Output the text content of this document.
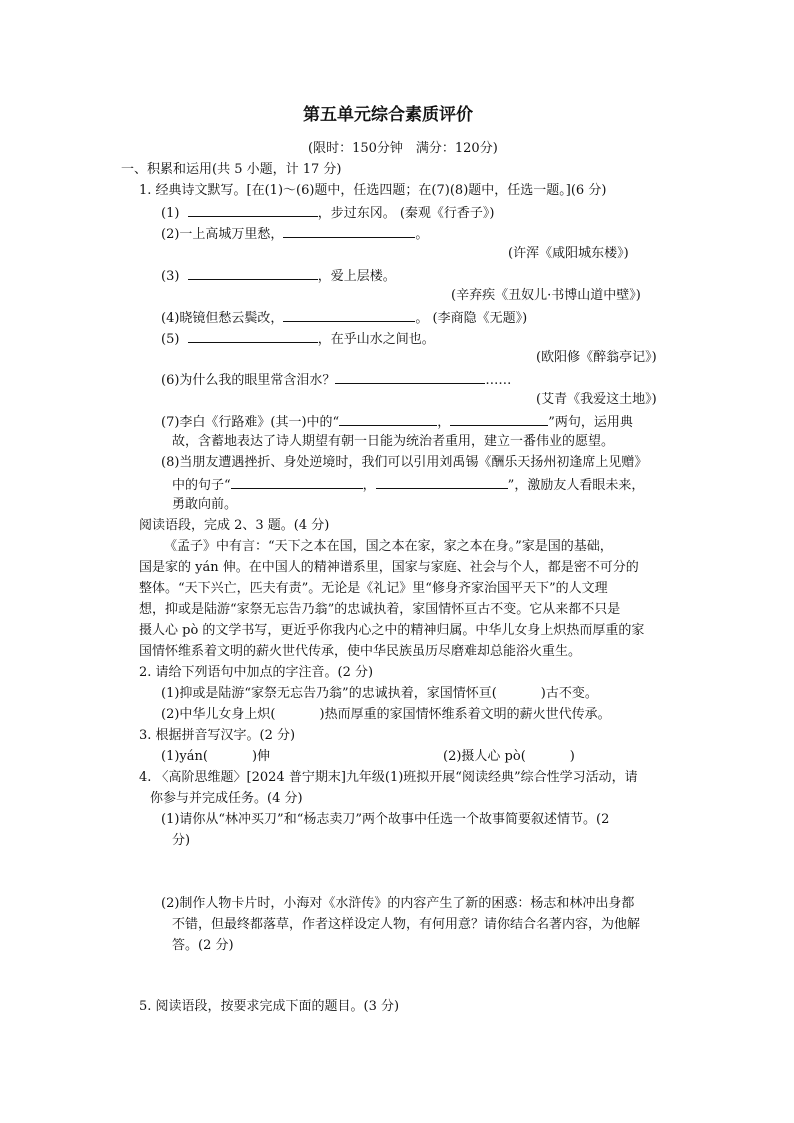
第五单元综合素质评价
(限时：150分钟　满分：120分)
一、积累和运用(共 5 小题，计 17 分)
1. 经典诗文默写。[在(1)～(6)题中，任选四题；在(7)(8)题中，任选一题。](6 分)
(1)	，步过东冈。 (秦观《行香子》)
(2)一上高城万里愁，	。
(许浑《咸阳城东楼》)
(3)	，爱上层楼。
(辛弃疾《丑奴儿·书博山道中壁》)
(4)晓镜但愁云鬓改，	。 (李商隐《无题》)
(5)	，在乎山水之间也。
(欧阳修《醉翁亭记》)
(6)为什么我的眼里常含泪水？	……
(艾青《我爱这土地》)
(7)李白《行路难》(其一)中的“	，	”两句，运用典
故，含蓄地表达了诗人期望有朝一日能为统治者重用，建立一番伟业的愿望。
(8)当朋友遭遇挫折、身处逆境时，我们可以引用刘禹锡《酬乐天扬州初逢席上见赠》
中的句子“	，	”，激励友人看眼未来，
勇敢向前。
阅读语段，完成 2、3 题。(4 分)
《孟子》中有言：“天下之本在国，国之本在家，家之本在身。”家是国的基础，
国是家的 yán 伸。在中国人的精神谱系里，国家与家庭、社会与个人，都是密不可分的
整体。“天下兴亡，匹夫有责”。无论是《礼记》里“修身齐家治国平天下”的人文理
想，抑或是陆游“家祭无忘告乃翁”的忠诚执着，家国情怀亘古不变。它从来都不只是
摄人心 pò 的文学书写，更近乎你我内心之中的精神归属。中华儿女身上炽热而厚重的家
国情怀维系着文明的薪火世代传承，使中华民族虽历尽磨难却总能浴火重生。
2. 请给下列语句中加点的字注音。(2 分)
(1)抑或是陆游“家祭无忘告乃翁”的忠诚执着，家国情怀亘(	)古不变。
(2)中华儿女身上炽(	)热而厚重的家国情怀维系着文明的薪火世代传承。
3. 根据拼音写汉字。(2 分)
(1)yán(	)伸	(2)摄人心 pò(	)
4. 〈高阶思维题〉[2024 普宁期末]九年级(1)班拟开展“阅读经典”综合性学习活动，请
你参与并完成任务。(4 分)
(1)请你从“林冲买刀”和“杨志卖刀”两个故事中任选一个故事简要叙述情节。(2
分)
(2)制作人物卡片时，小海对《水浒传》的内容产生了新的困惑：杨志和林冲出身都
不错，但最终都落草，作者这样设定人物，有何用意？请你结合名著内容，为他解
答。(2 分)
5. 阅读语段，按要求完成下面的题目。(3 分)
